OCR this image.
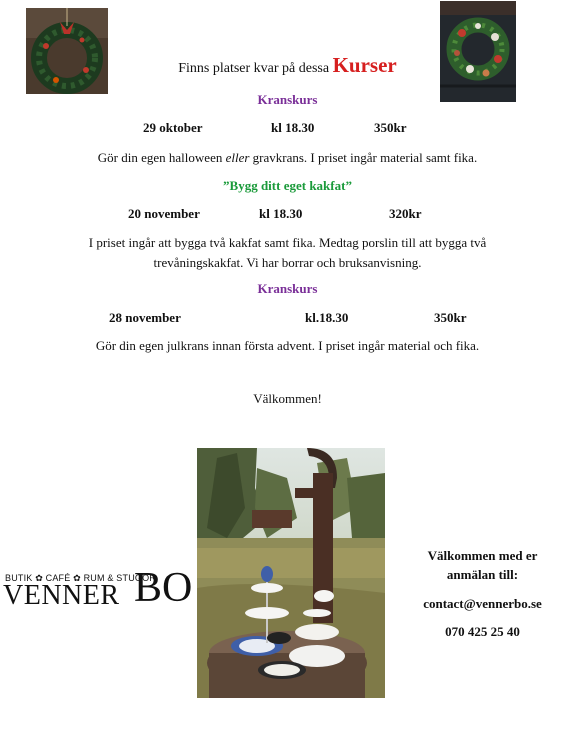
Finns platser kvar på dessa Kurser
Kranskurs
29 oktober	kl 18.30	350kr
Gör din egen halloween eller gravkrans. I priset ingår material samt fika.
”Bygg ditt eget kakfat”
20 november	kl 18.30	320kr
I priset ingår att bygga två kakfat samt fika. Medtag porslin till att bygga två
trevåningskakfat. Vi har borrar och bruksanvisning.
Kranskurs
28 november	kl.18.30	350kr
Gör din egen julkrans innan första advent. I priset ingår material och fika.
Välkommen!
BUTIK ✿ CAFÉ ✿ RUM & STUGOR
VENNER BO
Välkommen med er
anmälan till:
contact@vennerbo.se
070 425 25 40
